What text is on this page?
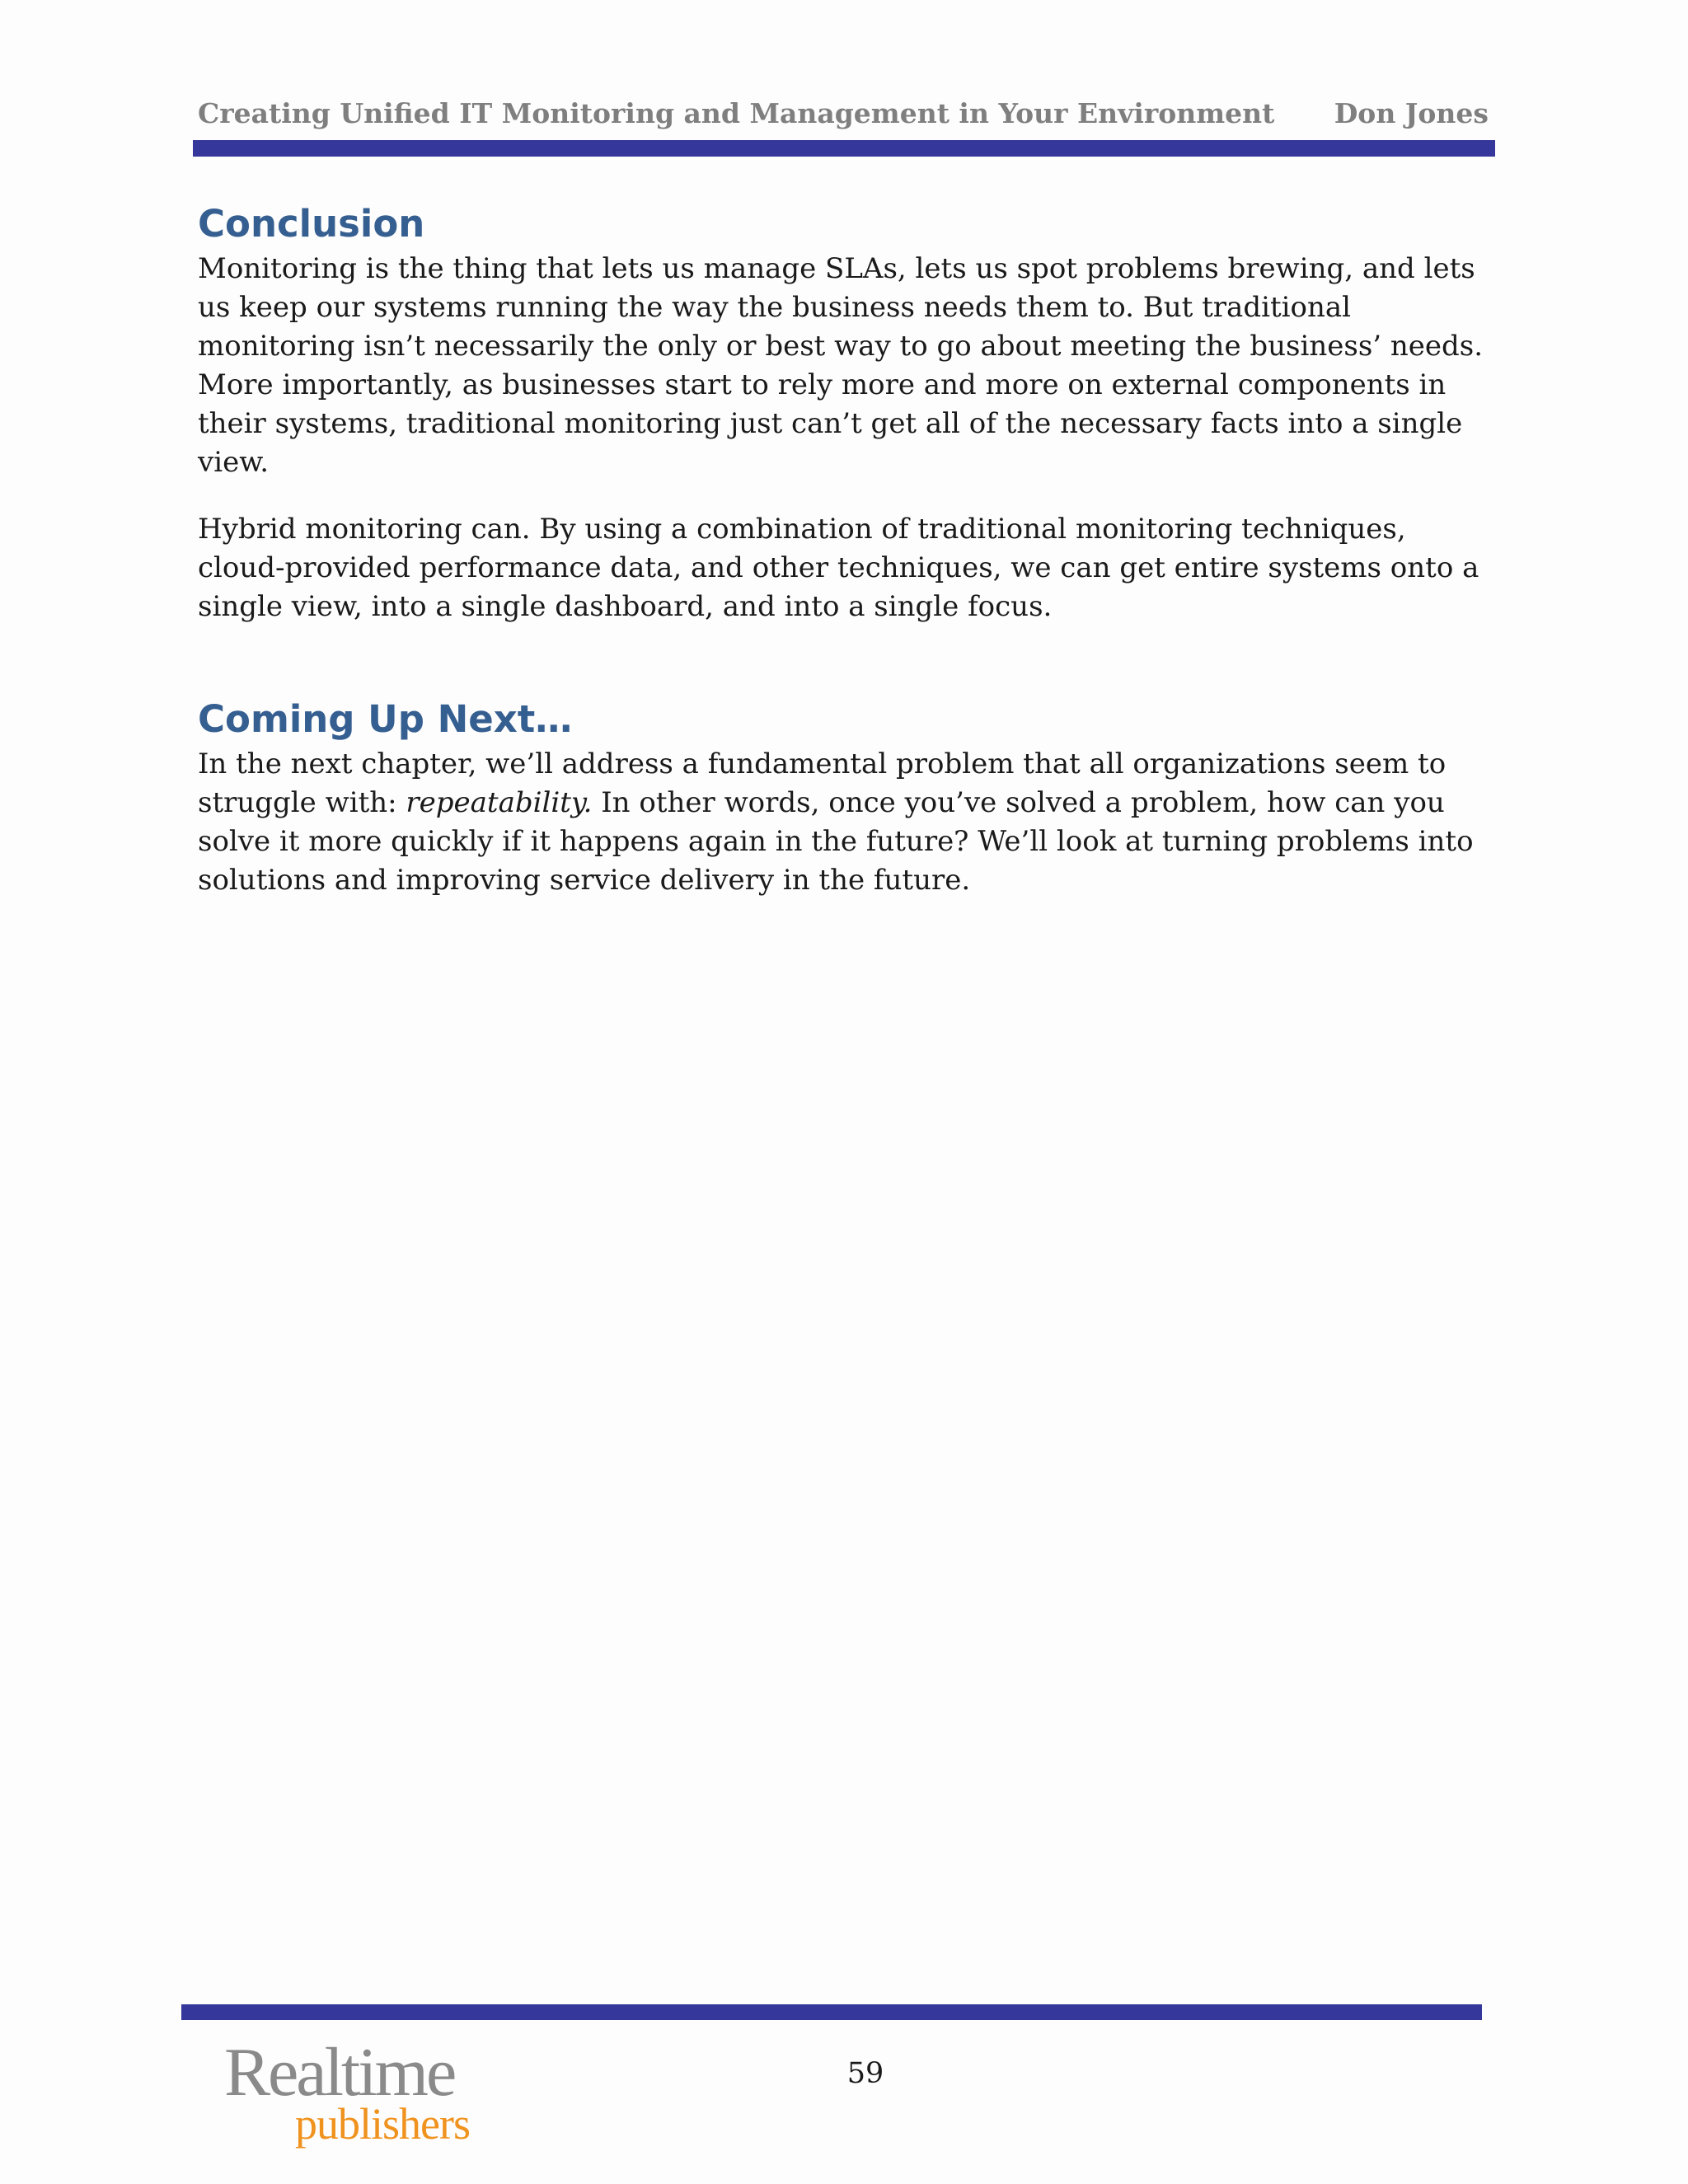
Creating Unified IT Monitoring and Management in Your Environment Don Jones
Conclusion

Monitoring is the thing that lets us manage SLAs, lets us spot problems brewing, and lets us keep our systems running the way the business needs them to. But traditional monitoring isn’t necessarily the only or best way to go about meeting the business’ needs. More importantly, as businesses start to rely more and more on external components in their systems, traditional monitoring just can’t get all of the necessary facts into a single view.

Hybrid monitoring can. By using a combination of traditional monitoring techniques, cloud-provided performance data, and other techniques, we can get entire systems onto a single view, into a single dashboard, and into a single focus.

Coming Up Next…

In the next chapter, we’ll address a fundamental problem that all organizations seem to struggle with: repeatability. In other words, once you’ve solved a problem, how can you solve it more quickly if it happens again in the future? We’ll look at turning problems into solutions and improving service delivery in the future.

Realtime
publishers
59
